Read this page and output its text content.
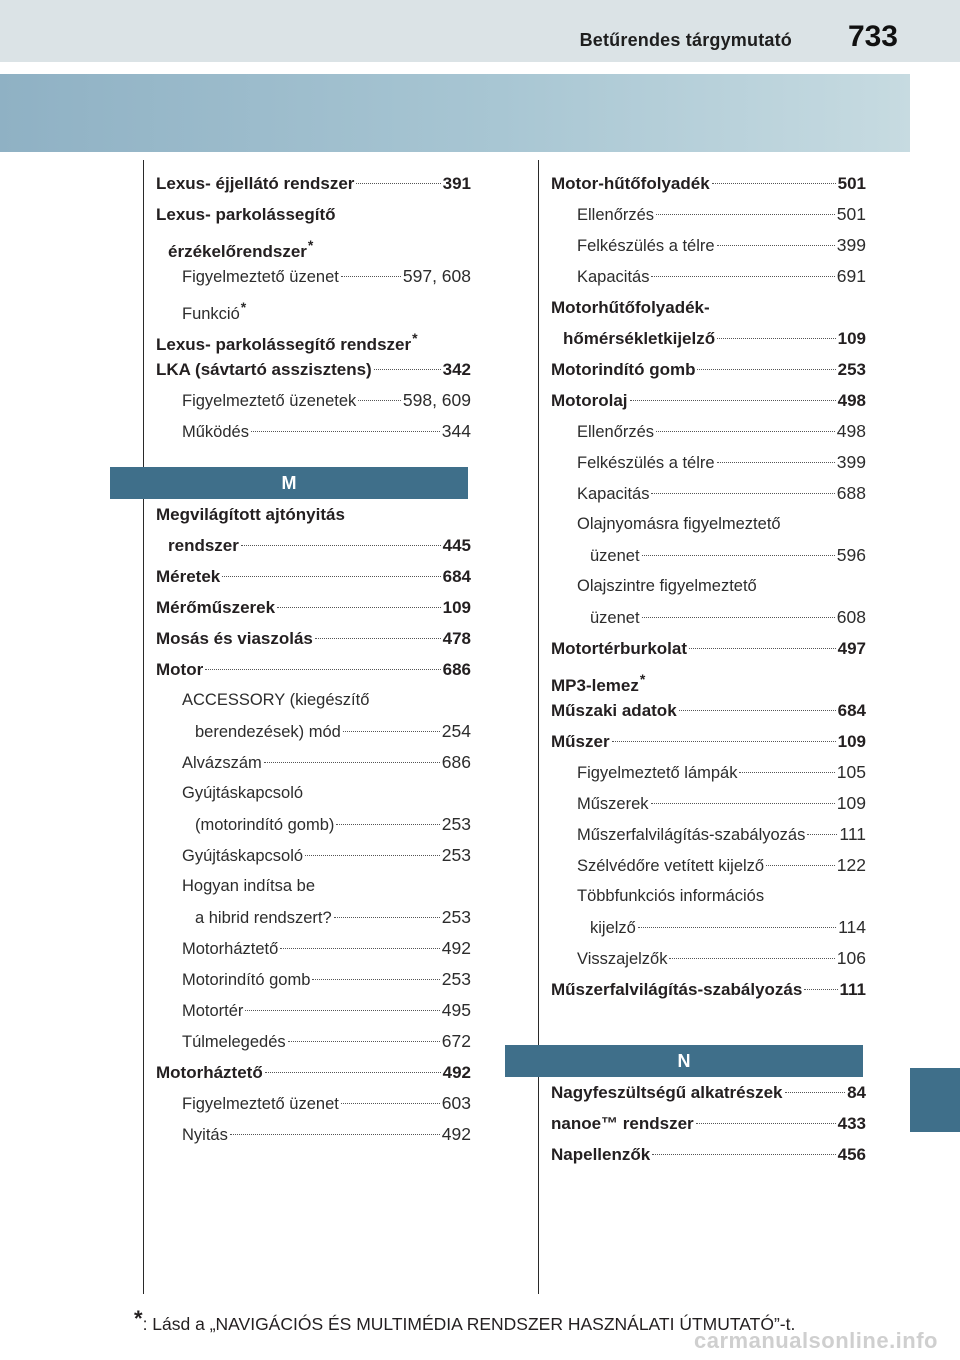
Betűrendes tárgymutató 733
Lexus- éjjellátó rendszer	391
Lexus- parkolássegítő
érzékelőrendszer*
Figyelmeztető üzenet	597, 608
Funkció*
Lexus- parkolássegítő rendszer*
LKA (sávtartó asszisztens)	342
Figyelmeztető üzenetek	598, 609
Működés	344
M
Megvilágított ajtónyitás
rendszer	445
Méretek	684
Mérőműszerek	109
Mosás és viaszolás	478
Motor	686
ACCESSORY (kiegészítő
berendezések) mód	254
Alvázszám	686
Gyújtáskapcsoló
(motorindító gomb)	253
Gyújtáskapcsoló	253
Hogyan indítsa be
a hibrid rendszert?	253
Motorháztető	492
Motorindító gomb	253
Motortér	495
Túlmelegedés	672
Motorháztető	492
Figyelmeztető üzenet	603
Nyitás	492
Motor-hűtőfolyadék	501
Ellenőrzés	501
Felkészülés a télre	399
Kapacitás	691
Motorhűtőfolyadék-
hőmérsékletkijelző	109
Motorindító gomb	253
Motorolaj	498
Ellenőrzés	498
Felkészülés a télre	399
Kapacitás	688
Olajnyomásra figyelmeztető
üzenet	596
Olajszintre figyelmeztető
üzenet	608
Motortérburkolat	497
MP3-lemez*
Műszaki adatok	684
Műszer	109
Figyelmeztető lámpák	105
Műszerek	109
Műszerfalvilágítás-szabályozás 111
Szélvédőre vetített kijelző	122
Többfunkciós információs
kijelző	114
Visszajelzők	106
Műszerfalvilágítás-szabályozás 111
N
Nagyfeszültségű alkatrészek	84
nanoe™ rendszer	433
Napellenzők	456
*: Lásd a „NAVIGÁCIÓS ÉS MULTIMÉDIA RENDSZER HASZNÁLATI ÚTMUTATÓ”-t.
carmanualsonline.info
